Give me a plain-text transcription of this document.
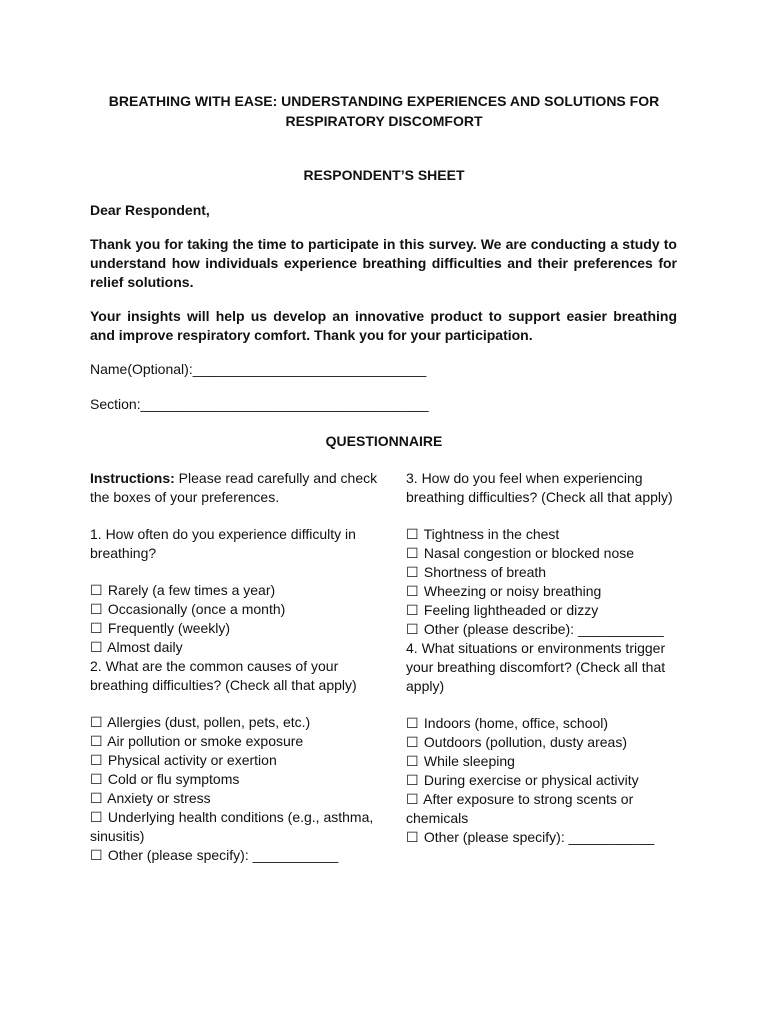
BREATHING WITH EASE: UNDERSTANDING EXPERIENCES AND SOLUTIONS FOR RESPIRATORY DISCOMFORT
RESPONDENT’S SHEET
Dear Respondent,
Thank you for taking the time to participate in this survey. We are conducting a study to understand how individuals experience breathing difficulties and their preferences for relief solutions.
Your insights will help us develop an innovative product to support easier breathing and improve respiratory comfort. Thank you for your participation.
Name(Optional):______________________________
Section:_____________________________________
QUESTIONNAIRE
Instructions: Please read carefully and check the boxes of your preferences.
1. How often do you experience difficulty in breathing?
☐ Rarely (a few times a year)
☐ Occasionally (once a month)
☐ Frequently (weekly)
☐ Almost daily
2. What are the common causes of your breathing difficulties? (Check all that apply)
☐ Allergies (dust, pollen, pets, etc.)
☐ Air pollution or smoke exposure
☐ Physical activity or exertion
☐ Cold or flu symptoms
☐ Anxiety or stress
☐ Underlying health conditions (e.g., asthma, sinusitis)
☐ Other (please specify): ___________
3. How do you feel when experiencing breathing difficulties? (Check all that apply)
☐ Tightness in the chest
☐ Nasal congestion or blocked nose
☐ Shortness of breath
☐ Wheezing or noisy breathing
☐ Feeling lightheaded or dizzy
☐ Other (please describe): ___________
4. What situations or environments trigger your breathing discomfort? (Check all that apply)
☐ Indoors (home, office, school)
☐ Outdoors (pollution, dusty areas)
☐ While sleeping
☐ During exercise or physical activity
☐ After exposure to strong scents or chemicals
☐ Other (please specify): ___________
